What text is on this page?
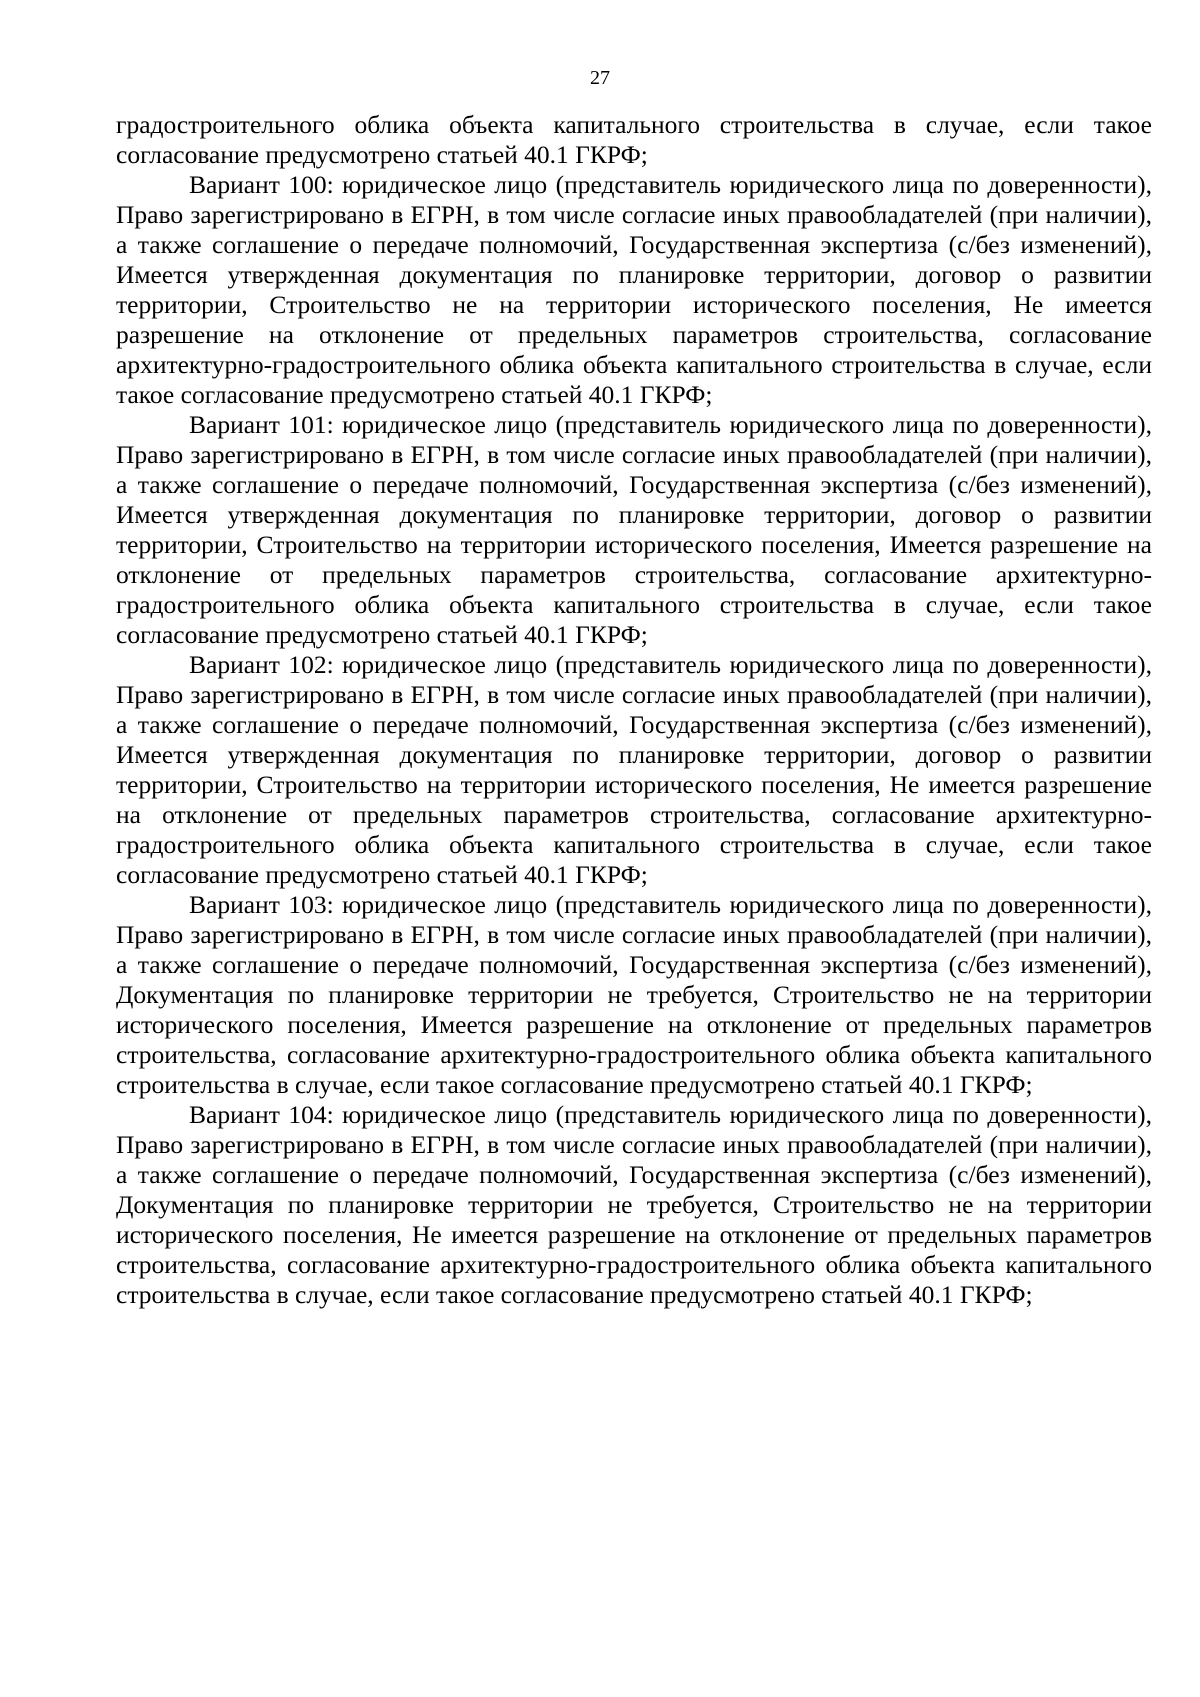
27

градостроительного облика объекта капитального строительства в случае, если такое согласование предусмотрено статьей 40.1 ГКРФ;

Вариант 100: юридическое лицо (представитель юридического лица по доверенности), Право зарегистрировано в ЕГРН, в том числе согласие иных правообладателей (при наличии), а также соглашение о передаче полномочий, Государственная экспертиза (с/без изменений), Имеется утвержденная документация по планировке территории, договор о развитии территории, Строительство не на территории исторического поселения, Не имеется разрешение на отклонение от предельных параметров строительства, согласование архитектурно-градостроительного облика объекта капитального строительства в случае, если такое согласование предусмотрено статьей 40.1 ГКРФ;

Вариант 101: юридическое лицо (представитель юридического лица по доверенности), Право зарегистрировано в ЕГРН, в том числе согласие иных правообладателей (при наличии), а также соглашение о передаче полномочий, Государственная экспертиза (с/без изменений), Имеется утвержденная документация по планировке территории, договор о развитии территории, Строительство на территории исторического поселения, Имеется разрешение на отклонение от предельных параметров строительства, согласование архитектурно-градостроительного облика объекта капитального строительства в случае, если такое согласование предусмотрено статьей 40.1 ГКРФ;

Вариант 102: юридическое лицо (представитель юридического лица по доверенности), Право зарегистрировано в ЕГРН, в том числе согласие иных правообладателей (при наличии), а также соглашение о передаче полномочий, Государственная экспертиза (с/без изменений), Имеется утвержденная документация по планировке территории, договор о развитии территории, Строительство на территории исторического поселения, Не имеется разрешение на отклонение от предельных параметров строительства, согласование архитектурно-градостроительного облика объекта капитального строительства в случае, если такое согласование предусмотрено статьей 40.1 ГКРФ;

Вариант 103: юридическое лицо (представитель юридического лица по доверенности), Право зарегистрировано в ЕГРН, в том числе согласие иных правообладателей (при наличии), а также соглашение о передаче полномочий, Государственная экспертиза (с/без изменений), Документация по планировке территории не требуется, Строительство не на территории исторического поселения, Имеется разрешение на отклонение от предельных параметров строительства, согласование архитектурно-градостроительного облика объекта капитального строительства в случае, если такое согласование предусмотрено статьей 40.1 ГКРФ;

Вариант 104: юридическое лицо (представитель юридического лица по доверенности), Право зарегистрировано в ЕГРН, в том числе согласие иных правообладателей (при наличии), а также соглашение о передаче полномочий, Государственная экспертиза (с/без изменений), Документация по планировке территории не требуется, Строительство не на территории исторического поселения, Не имеется разрешение на отклонение от предельных параметров строительства, согласование архитектурно-градостроительного облика объекта капитального строительства в случае, если такое согласование предусмотрено статьей 40.1 ГКРФ;
